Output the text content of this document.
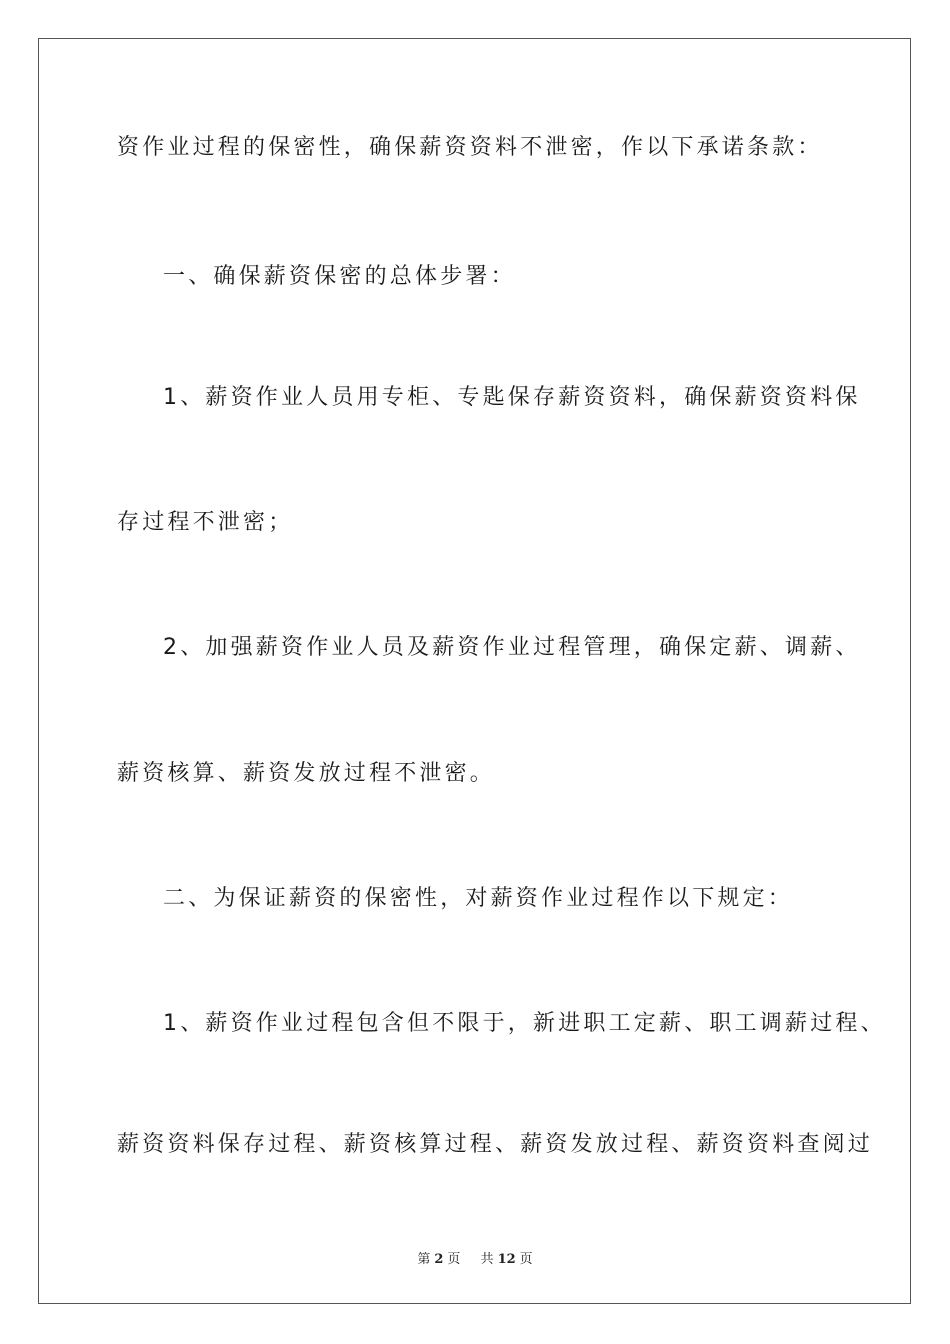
资作业过程的保密性，确保薪资资料不泄密，作以下承诺条款：
一、确保薪资保密的总体步署：
1、薪资作业人员用专柜、专匙保存薪资资料，确保薪资资料保
存过程不泄密；
2、加强薪资作业人员及薪资作业过程管理，确保定薪、调薪、
薪资核算、薪资发放过程不泄密。
二、为保证薪资的保密性，对薪资作业过程作以下规定：
1、薪资作业过程包含但不限于，新进职工定薪、职工调薪过程、
薪资资料保存过程、薪资核算过程、薪资发放过程、薪资资料查阅过
第 2 页 共 12 页
